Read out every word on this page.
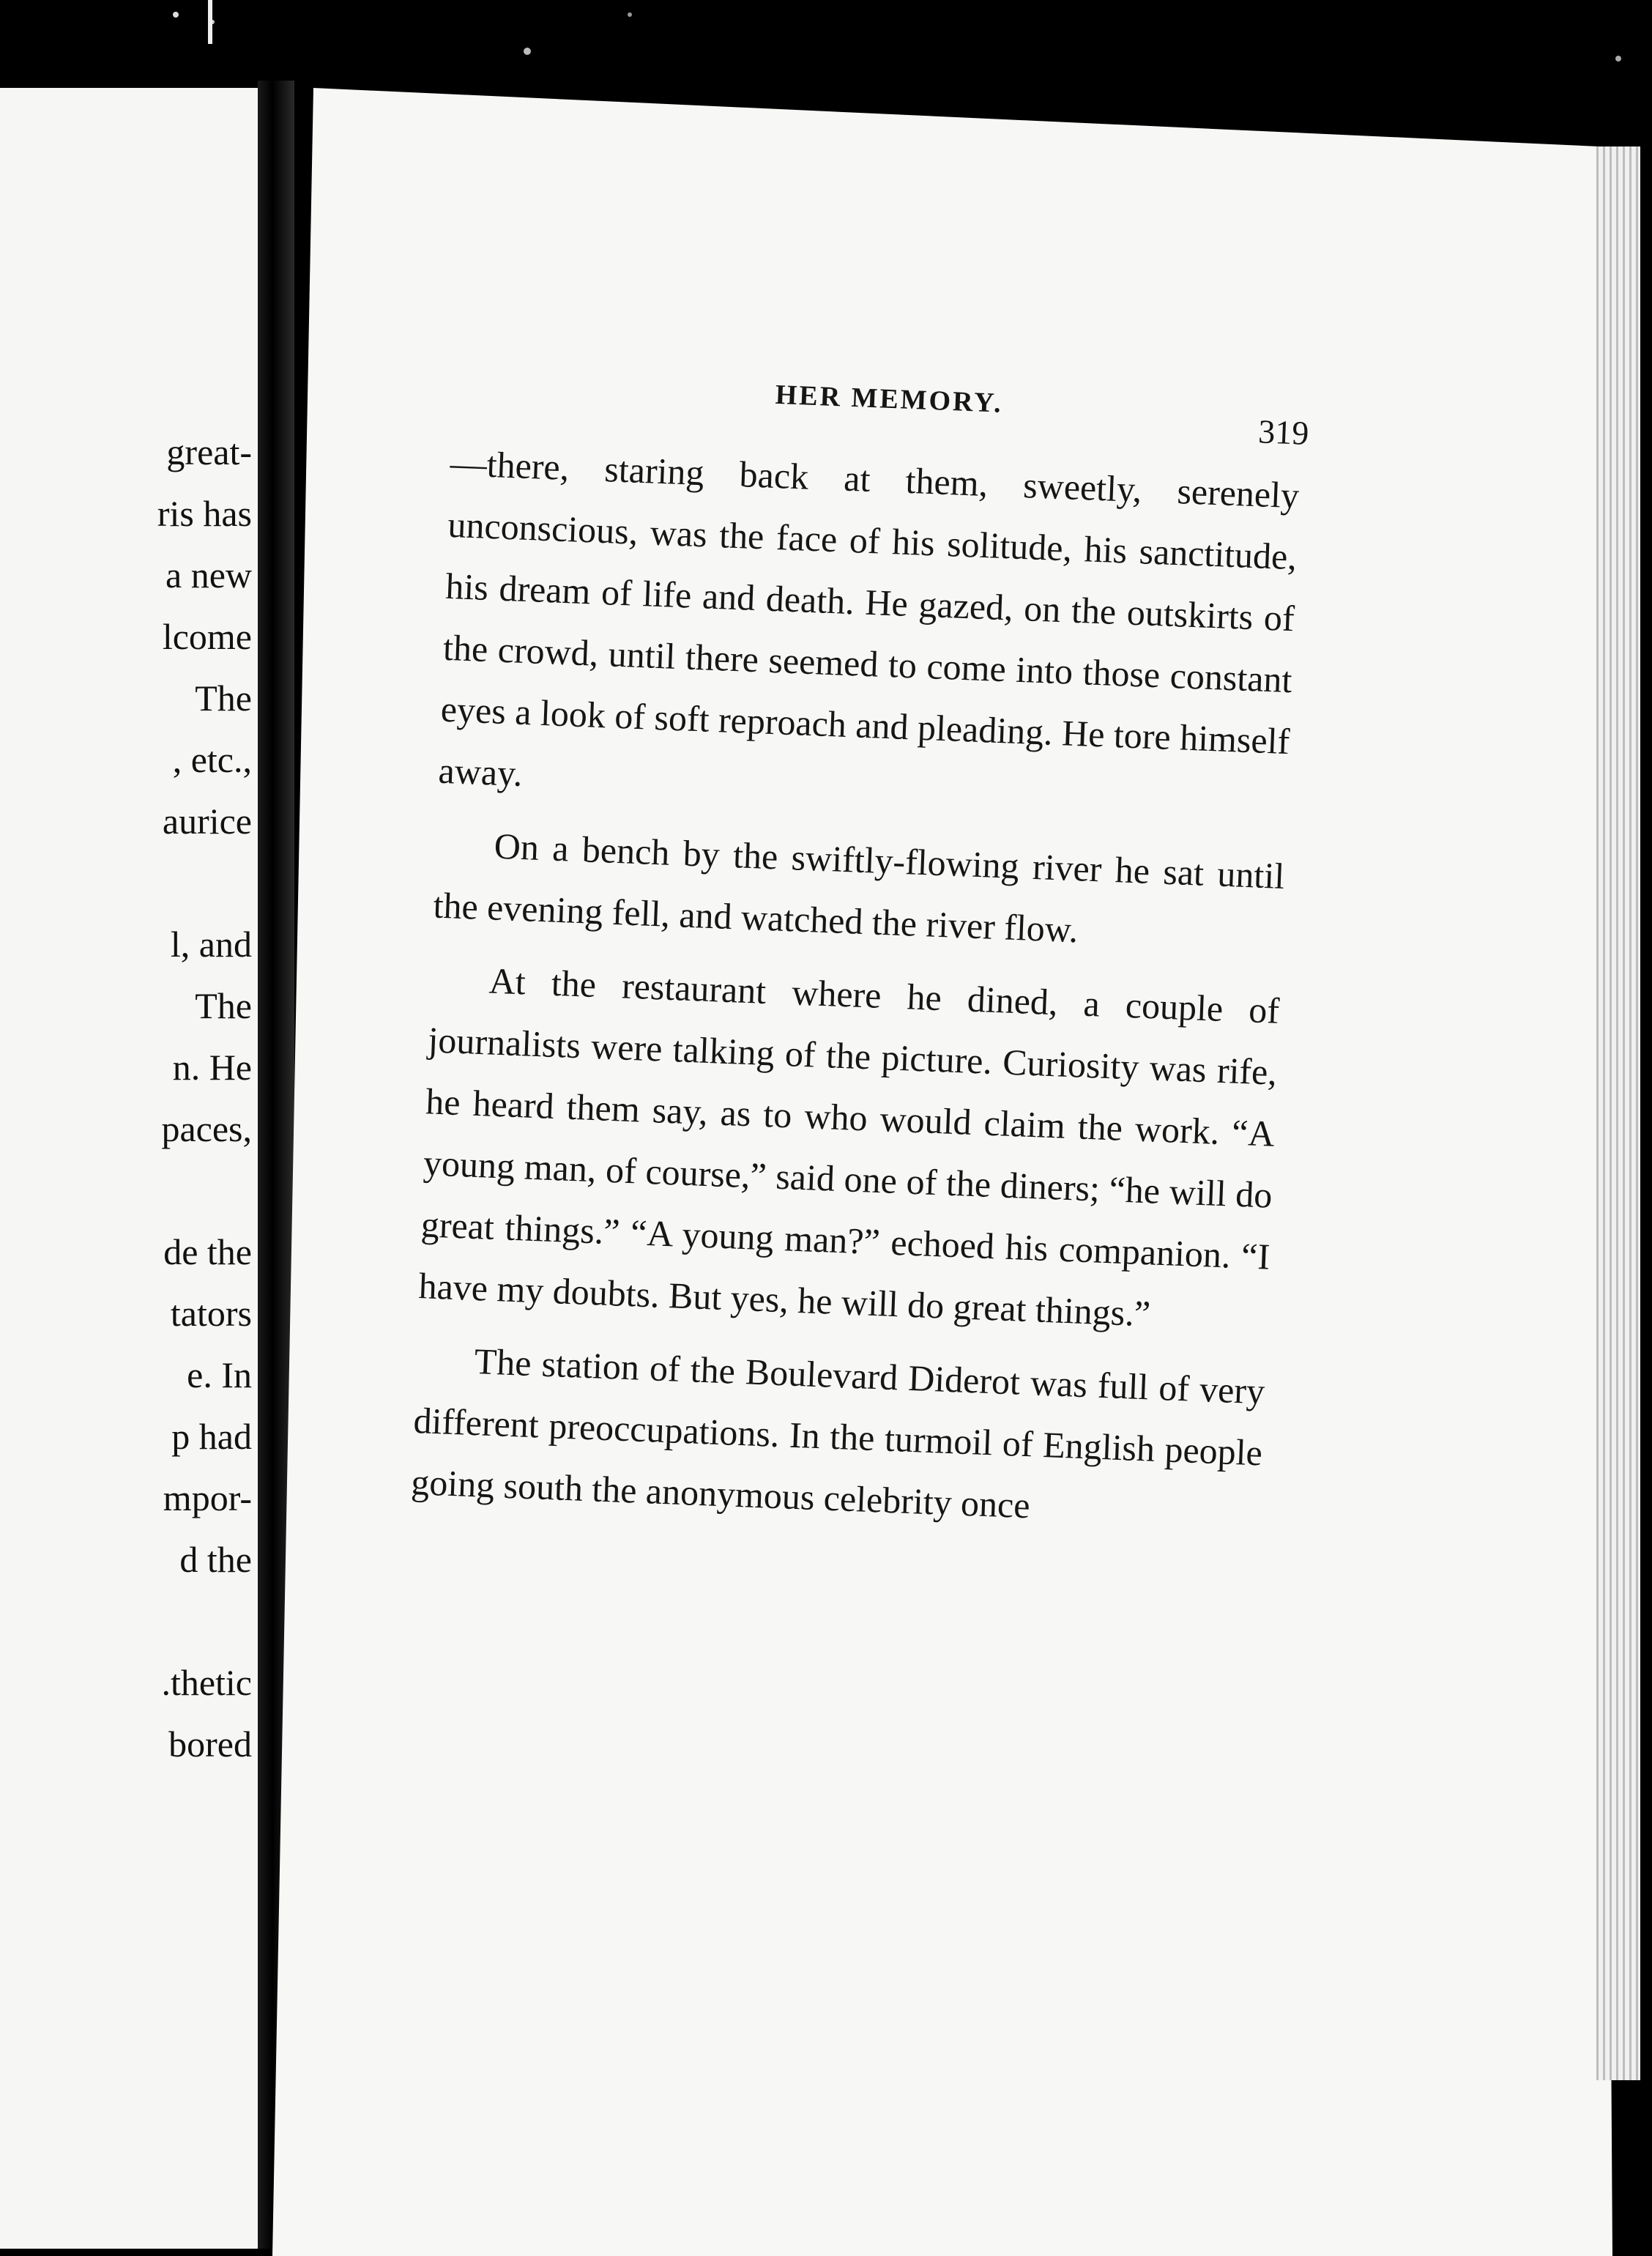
great-
ris has
a new
lcome
The
, etc.,
aurice
l, and
The
n. He
paces,
de the
tators
e. In
p had
mpor-
d the
.thetic
bored
HER MEMORY.
319

—there, staring back at them, sweetly, serenely unconscious, was the face of his solitude, his sanctitude, his dream of life and death. He gazed, on the outskirts of the crowd, until there seemed to come into those constant eyes a look of soft reproach and pleading. He tore himself away.

On a bench by the swiftly-flowing river he sat until the evening fell, and watched the river flow.

At the restaurant where he dined, a couple of journalists were talking of the picture. Curiosity was rife, he heard them say, as to who would claim the work. “A young man, of course,” said one of the diners; “he will do great things.” “A young man?” echoed his companion. “I have my doubts. But yes, he will do great things.”

The station of the Boulevard Diderot was full of very different preoccupations. In the turmoil of English people going south the anonymous celebrity once
